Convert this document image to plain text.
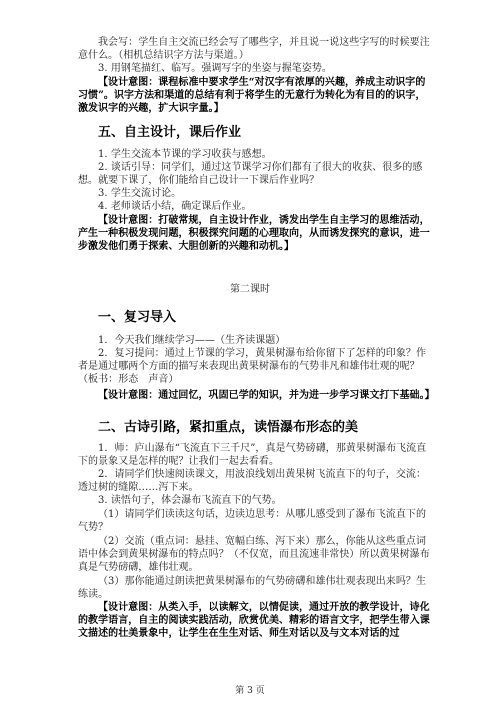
我会写：学生自主交流已经会写了哪些字，并且说一说这些字写的时候要注意什么。（相机总结识字方法与渠道。）

3. 用钢笔描红、临写。强调写字的坐姿与握笔姿势。

【设计意图：课程标准中要求学生“对汉字有浓厚的兴趣，养成主动识字的习惯”。识字方法和渠道的总结有利于将学生的无意行为转化为有目的的识字，激发识字的兴趣，扩大识字量。】

五、自主设计，课后作业

1. 学生交流本节课的学习收获与感想。

2. 谈话引导：同学们，通过这节课学习你们都有了很大的收获、很多的感想。就要下课了，你们能给自己设计一下课后作业吗？

3. 学生交流讨论。

4. 老师谈话小结，确定课后作业。

【设计意图：打破常规，自主设计作业，诱发出学生自主学习的思维活动，产生一种积极发现问题，积极探究问题的心理取向，从而诱发探究的意识，进一步激发他们勇于探索、大胆创新的兴趣和动机。】

第二课时

一、复习导入

1．今天我们继续学习——（生齐读课题）

2．复习提问：通过上节课的学习，黄果树瀑布给你留下了怎样的印象？作者是通过哪两个方面的描写来表现出黄果树瀑布的气势非凡和雄伟壮观的呢？（板书：形态　声音）

【设计意图：通过回忆，巩固已学的知识，并为进一步学习课文打下基础。】

二、古诗引路，紧扣重点，读悟瀑布形态的美

1．师：庐山瀑布“飞流直下三千尺”，真是气势磅礴，那黄果树瀑布飞流直下的景象又是怎样的呢？让我们一起去看看。

2．请同学们快速阅读课文，用波浪线划出黄果树飞流直下的句子，交流：透过树的缝隙……泻下来。

3. 读悟句子，体会瀑布飞流直下的气势。

（1）请同学们读读这句话，边读边思考：从哪儿感受到了瀑布飞流直下的气势？

（2）交流（重点词：悬挂、宽幅白练、泻下来）那么，你能从这些重点词语中体会到黄果树瀑布的特点吗？（不仅宽，而且流速非常快）所以黄果树瀑布真是气势磅礴，雄伟壮观。

（3）那你能通过朗读把黄果树瀑布的气势磅礴和雄伟壮观表现出来吗？生练读。

【设计意图：从类入手，以读解文，以情促读，通过开放的教学设计，诗化的教学语言，自主的阅读实践活动，欣赏优美、精彩的语言文字，把学生带入课文描述的壮美景象中，让学生在生生对话、师生对话以及与文本对话的过

第 3 页
